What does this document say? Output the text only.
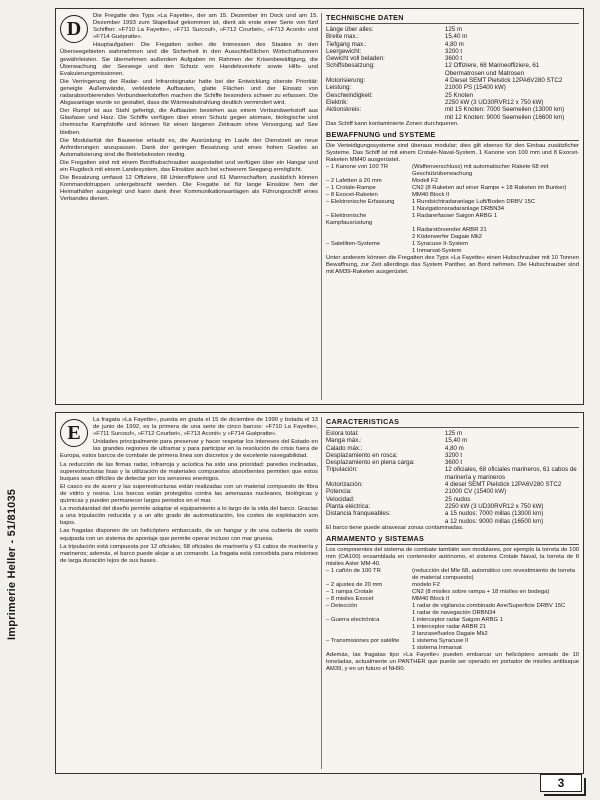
Imprimerie Heller - 51/81035
D

Die Fregatte des Typs »La Fayette«, der am 15. Dezember im Dock und am 15. Dezember 1993 zum Stapellauf gekommen ist, dient als erste einer Serie von fünf Schiffen: »F710 La Fayette«, »F711 Surcouf«, »F712 Courbet«, »F713 Aconit« und »F714 Guépratte«.

Hauptaufgaben: Die Fregatten sollen die Interessen des Staates in den Überseegebieten wahrnehmen und die Sicherheit in den Ausschließlichen Wirtschaftszonen gewährleisten. Sie übernehmen außerdem Aufgaben im Rahmen der Krisenbewältigung, die Überwachung der Seewege und den Schutz von Handelsverkehr sowie Hilfs- und Evakuierungsmissionen.

Die Verringerung der Radar- und Infrarotsignatur hatte bei der Entwicklung oberste Priorität: geneigte Außenwände, verkleidete Aufbauten, glatte Flächen und der Einsatz von radarabsorbierenden Verbundwerkstoffen machen die Schiffe besonders schwer zu erfassen. Die Abgasanlage wurde so gestaltet, dass die Wärmeabstrahlung deutlich vermindert wird.

Der Rumpf ist aus Stahl gefertigt, die Aufbauten bestehen aus einem Verbundwerkstoff aus Glasfaser und Harz. Die Schiffe verfügen über einen Schutz gegen atomare, biologische und chemische Kampfstoffe und können für einen längeren Zeitraum ohne Versorgung auf See bleiben.

Die Modularität der Bauweise erlaubt es, die Ausrüstung im Laufe der Dienstzeit an neue Anforderungen anzupassen. Dank der geringen Besatzung und eines hohen Grades an Automatisierung sind die Betriebskosten niedrig.

Die Fregatten sind mit einem Bordhubschrauber ausgestattet und verfügen über ein Hangar und ein Flugdeck mit einem Landesystem, das Einsätze auch bei schwerem Seegang ermöglicht.

Die Besatzung umfasst 12 Offiziere, 68 Unteroffiziere und 61 Mannschaften; zusätzlich können Kommandotruppen untergebracht werden. Die Fregatte ist für lange Einsätze fern der Heimathäfen ausgelegt und kann dank ihrer Kommunikationsanlagen als Führungsschiff eines Verbandes dienen.

TECHNISCHE DATEN
Länge über alles:	125 m
Breite max.:	15,40 m
Tiefgang max.:	4,80 m
Leergewicht:	3200 t
Gewicht voll beladen:	3600 t
Schiffsbesatzung:	12 Offiziere, 68 Marineoffiziere, 61 Obermatrosen und Matrosen
Motorisierung:	4 Diesel SEMT Pielstick 12PA6V280 STC2
Leistung:	21000 PS (15400 kW)
Geschwindigkeit:	25 Knoten
Elektrik:	2250 kW (3 UD30RVR12 x 750 kW)
Aktionskreis:	mit 15 Knoten: 7000 Seemeilen (13000 km)
	mit 12 Knoten: 9000 Seemeilen (16600 km)
Das Schiff kann kontaminierte Zonen durchqueren.
BEWAFFNUNG und SYSTEME
Die Verteidigungssysteme sind überaus modular; dies gilt ebenso für den Einbau zusätzlicher Systeme. Das Schiff ist mit einem Crotale-Naval-System, 1 Kanone von 100 mm und 8 Exocet-Raketen MM40 ausgerüstet.
– 1 Kanone von 100 TR	(Waffenverschluss) mit automatischer Rakete 68 mit Geschützüberwachung
– 2 Lafetten à 20 mm	Modell F2
– 1 Crotale-Rampe	CN2 (8 Raketen auf einer Rampe + 18 Raketen im Bunker)
– 8 Exocet-Raketen	MM40 Block II
– Elektronische Erfassung	1 Rundsichtradaranlage Luft/Boden DRBV 15C
1 Navigationsradaranlage DRBN34
– Elektronische Kampfausrüstung
1 Radarerfasser Saigon ARBG 1
1 Radarstörsender ARBR 21
2 Köderwerfer Dagaie Mk2
– Satelliten-Systeme	1 Syracuse II-System
1 Inmarsat-System
Unter anderem können die Fregatten des Typs »La Fayette« einen Hubschrauber mit 10 Tonnen Bewaffnung, zur Zeit allerdings das System Panther, an Bord nehmen. Die Hubschrauber sind mit AM39-Raketen ausgerüstet.
E

La fragata »La Fayette«, puesta en grada el 15 de diciembre de 1990 y botada el 13 de junio de 1992, es la primera de una serie de cinco barcos: »F710 La Fayette«, »F711 Surcouf«, »F712 Courbet«, »F713 Aconit« y »F714 Guépratte«.

Unidades principalmente para preservar y hacer respetar los intereses del Estado en las grandes regiones de ultramar y para participar en la resolución de crisis fuera de Europa, estos barcos de combate de primera línea son discretos y de excelente navegabilidad.

La reducción de las firmas radar, infrarroja y acústica ha sido una prioridad: paredes inclinadas, superestructuras lisas y la utilización de materiales compuestos absorbentes permiten que estos buques sean difíciles de detectar por los sensores enemigos.

El casco es de acero y las superestructuras están realizadas con un material compuesto de fibra de vidrio y resina. Los barcos están protegidos contra las amenazas nucleares, biológicas y químicas y pueden permanecer largos periodos en el mar.

La modularidad del diseño permite adaptar el equipamiento a lo largo de la vida del barco. Gracias a una tripulación reducida y a un alto grado de automatización, los costes de explotación son bajos.

Las fragatas disponen de un helicóptero embarcado, de un hangar y de una cubierta de vuelo equipada con un sistema de apontaje que permite operar incluso con mar gruesa.

La tripulación está compuesta por 12 oficiales, 68 oficiales de marinería y 61 cabos de marinería y marineros; además, el barco puede alojar a un comando. La fragata está concebida para misiones de larga duración lejos de sus bases.

CARACTERISTICAS
Eslora total:	125 m
Manga máx.:	15,40 m
Calado máx.:	4,80 m
Desplazamiento en rosca:	3200 t
Desplazamiento en plena carga:	3600 t
Tripulación:	12 oficiales, 68 oficiales marineros, 61 cabos de marinería y marineros
Motorización:	4 diesel SEMT Pielstick 12PA6V280 STC2
Potencia:	21000 CV (15400 kW)
Velocidad:	25 nudos
Planta eléctrica:	2250 kW (3 UD30RVR12 x 750 kW)
Distancia franqueables:	a 15 nudos: 7000 millas (13000 km)
	a 12 nudos: 9000 millas (16500 km)
El barco tiene puede atravesar zonas contaminadas.
ARMAMENTO y SISTEMAS
Los componentes del sistema de combate también son modulares, por ejemplo la torreta de 100 mm (OA100) ensamblada en contenedor autónomo, el sistema Crotale Naval, la torreta de 8 misiles Aster MM-40.
– 1 cañón de 100 TR	(reducción del Mle 68, automático con revestimiento de torreta de material compuesto)
– 2 ajustes de 20 mm	modelo F2
– 1 rampa Crotale	CN2 (8 misiles sobre rampa + 18 misiles en bodega)
– 8 misiles Exocet	MM40 Block II
– Detección	1 radar de vigilancia combinado Aire/Superficie DRBV 15C
1 radar de navegación DRBN34
– Guerra electrónica	1 interceptor radar Saigon ARBG 1
1 interceptor radar ARBR 21
2 lanzaseñuelos Dagaie Mk2
– Transmisiones por satélite	1 sistema Syracuse II
1 sistema Inmarsat
Además, las fragatas tipo »La Fayette« pueden embarcar un helicóptero armado de 10 toneladas, actualmente un PANTHER que puede ser operado en portador de misiles antibuque AM39, y en un futuro el NH90.
3
